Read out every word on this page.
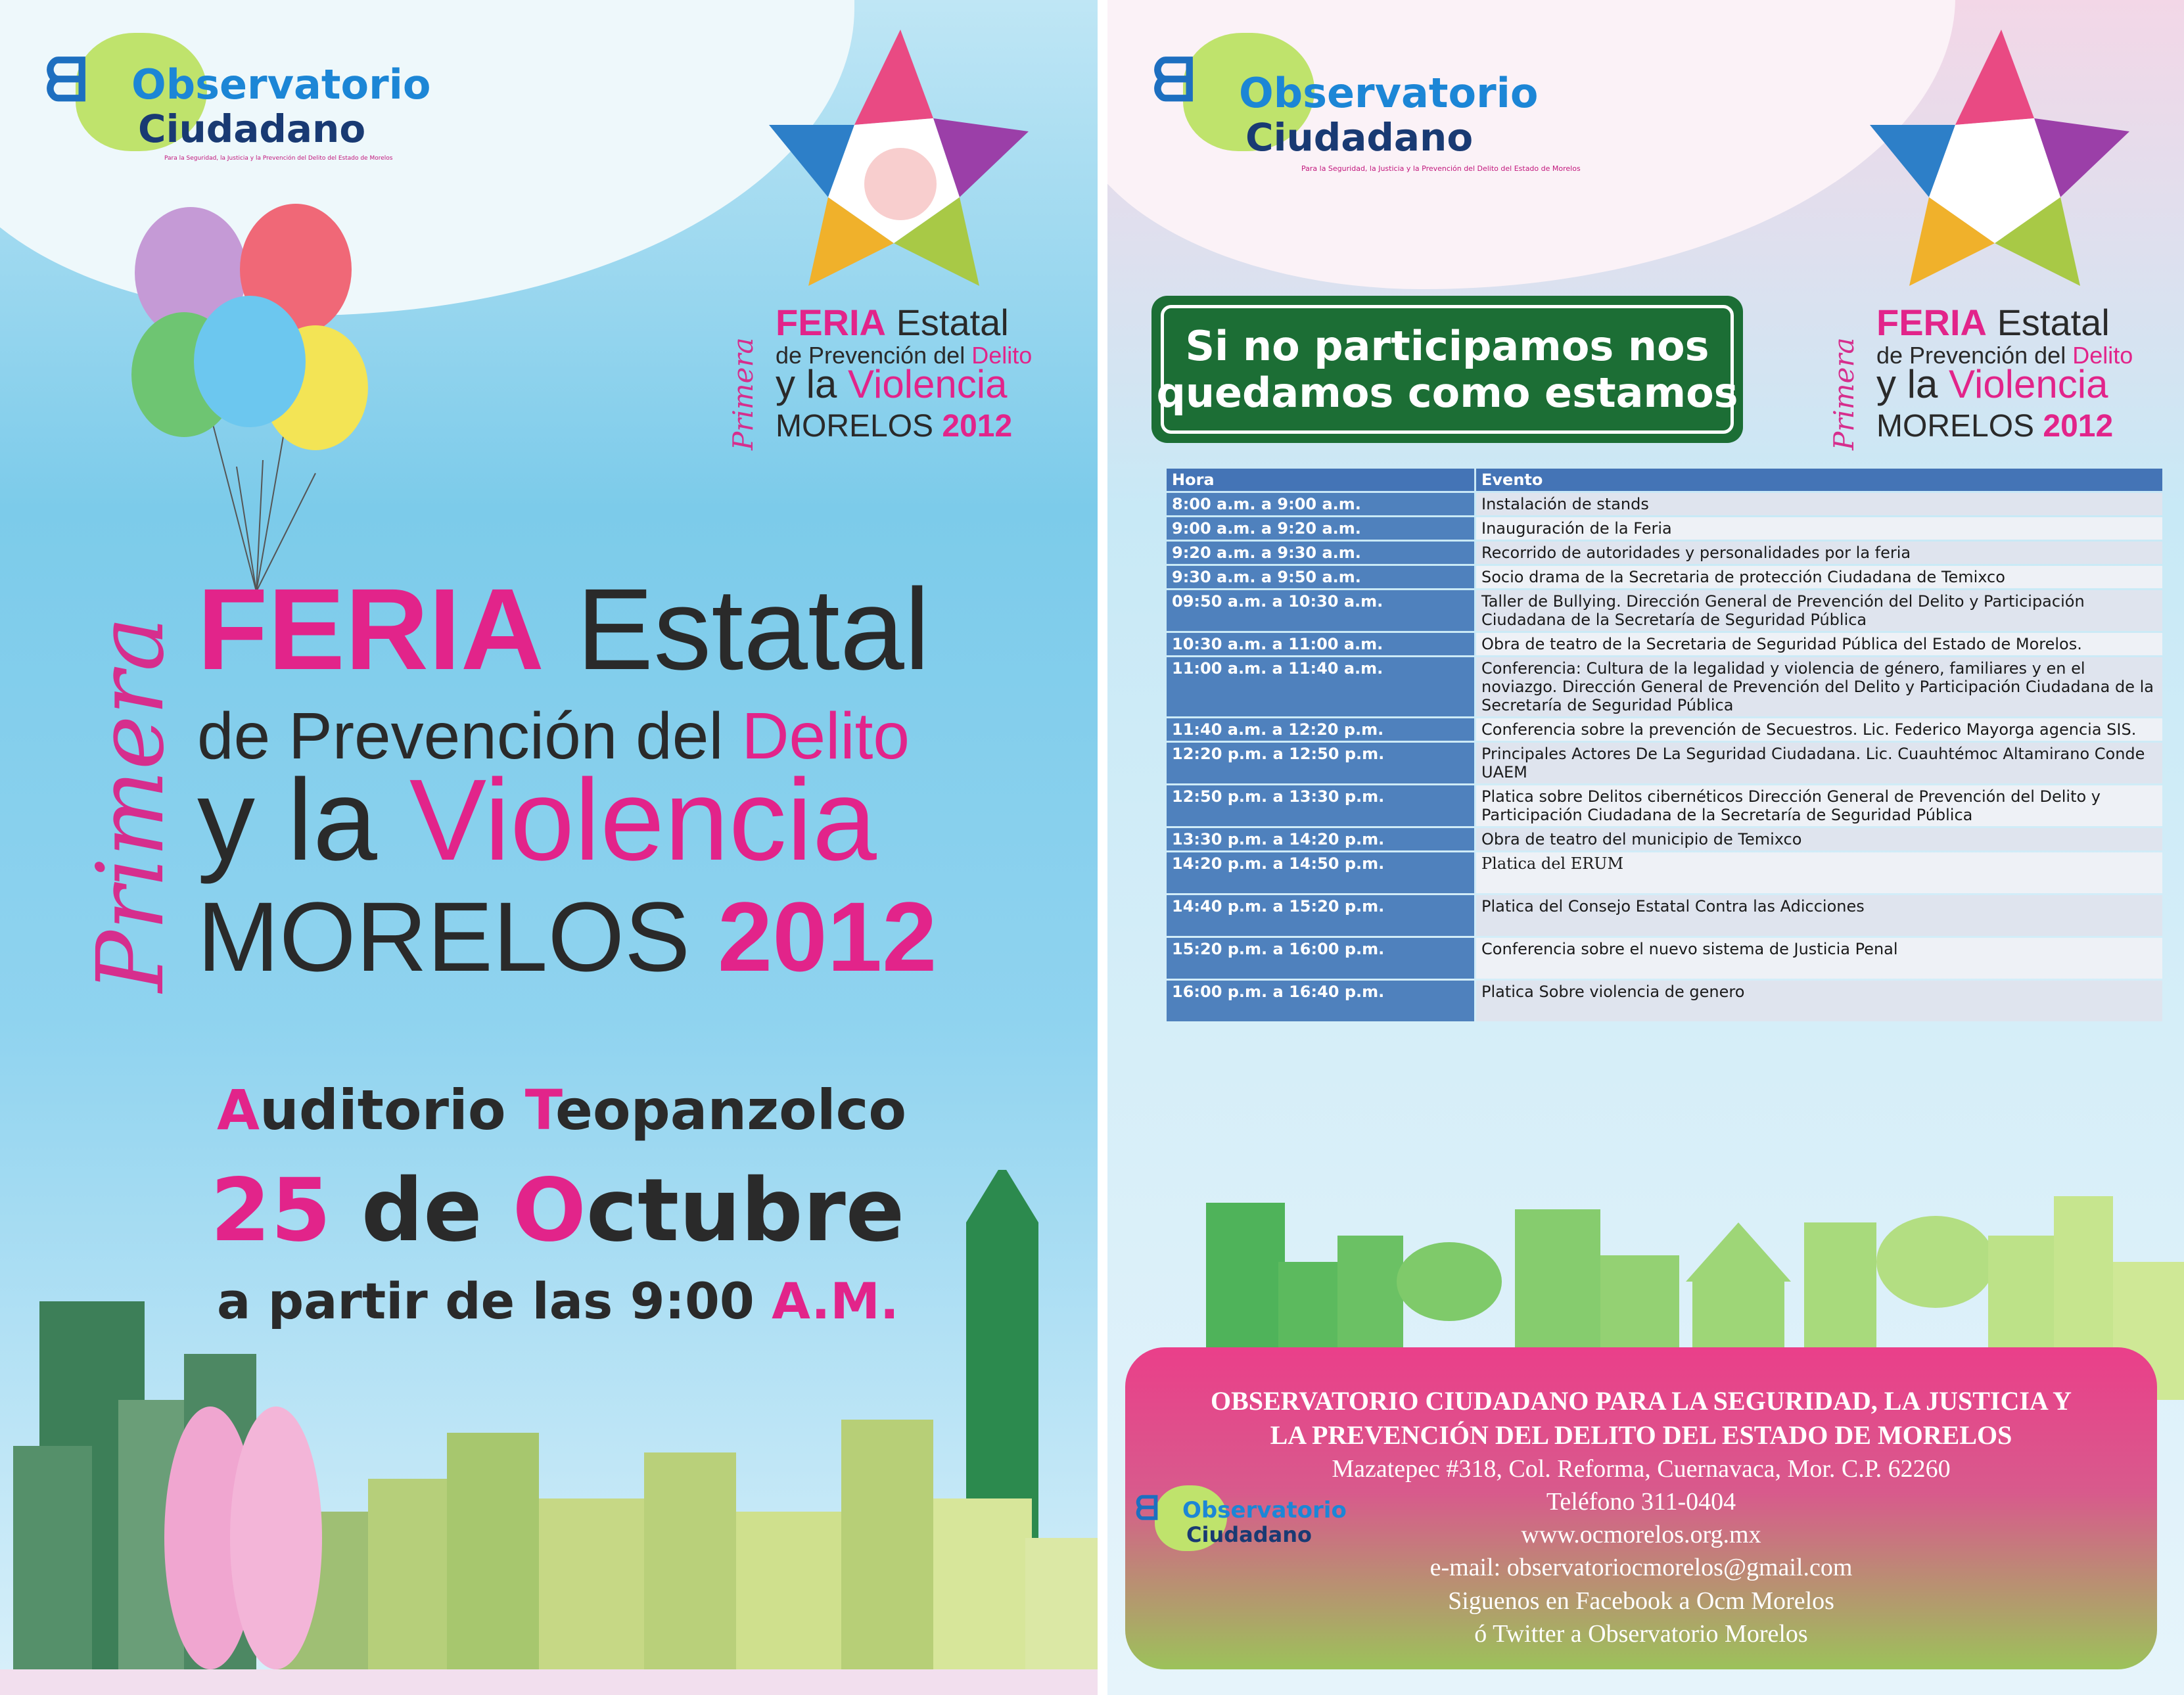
ᗺ Observatorio
Ciudadano
Para la Seguridad, la Justicia y la Prevención del Delito del Estado de Morelos
Primera
FERIA Estatal
de Prevención del Delito
y la Violencia
MORELOS 2012
Primera FERIA Estatal
de Prevención del Delito
y la Violencia
MORELOS 2012
Auditorio Teopanzolco
25 de Octubre
a partir de las 9:00 A.M.
ᗺ Observatorio
Ciudadano
Para la Seguridad, la Justicia y la Prevención del Delito del Estado de Morelos
Primera
FERIA Estatal
de Prevención del Delito
y la Violencia
MORELOS 2012
Si no participamos nos
quedamos como estamos
Hora	Evento
8:00 a.m. a 9:00 a.m.	Instalación de stands
9:00 a.m. a 9:20 a.m.	Inauguración de la Feria
9:20 a.m. a 9:30 a.m.	Recorrido de autoridades y personalidades por la feria
9:30 a.m. a 9:50 a.m.	Socio drama de la Secretaria de protección Ciudadana de Temixco
09:50 a.m. a 10:30 a.m.	Taller de Bullying. Dirección General de Prevención del Delito y Participación Ciudadana de la Secretaría de Seguridad Pública
10:30 a.m. a 11:00 a.m.	Obra de teatro de la Secretaria de Seguridad Pública del Estado de Morelos.
11:00 a.m. a 11:40 a.m.	Conferencia: Cultura de la legalidad y violencia de género, familiares y en el noviazgo. Dirección General de Prevención del Delito y Participación Ciudadana de la Secretaría de Seguridad Pública
11:40 a.m. a 12:20 p.m.	Conferencia sobre la prevención de Secuestros. Lic. Federico Mayorga agencia SIS.
12:20 p.m. a 12:50 p.m.	Principales Actores De La Seguridad Ciudadana. Lic. Cuauhtémoc Altamirano Conde UAEM
12:50 p.m. a 13:30 p.m.	Platica sobre Delitos cibernéticos Dirección General de Prevención del Delito y Participación Ciudadana de la Secretaría de Seguridad Pública
13:30 p.m. a 14:20 p.m.	Obra de teatro del municipio de Temixco
14:20 p.m. a 14:50 p.m.	Platica del ERUM
14:40 p.m. a 15:20 p.m.	Platica del Consejo Estatal Contra las Adicciones
15:20 p.m. a 16:00 p.m.	Conferencia sobre el nuevo sistema de Justicia Penal
16:00 p.m. a 16:40 p.m.	Platica Sobre violencia de genero
OBSERVATORIO CIUDADANO PARA LA SEGURIDAD, LA JUSTICIA Y
LA PREVENCIÓN DEL DELITO DEL ESTADO DE MORELOS
Mazatepec #318, Col. Reforma, Cuernavaca, Mor. C.P. 62260
Teléfono 311-0404
www.ocmorelos.org.mx
e-mail: observatoriocmorelos@gmail.com
Siguenos en Facebook a Ocm Morelos
ó Twitter a Observatorio Morelos
ᗺ Observatorio
Ciudadano
